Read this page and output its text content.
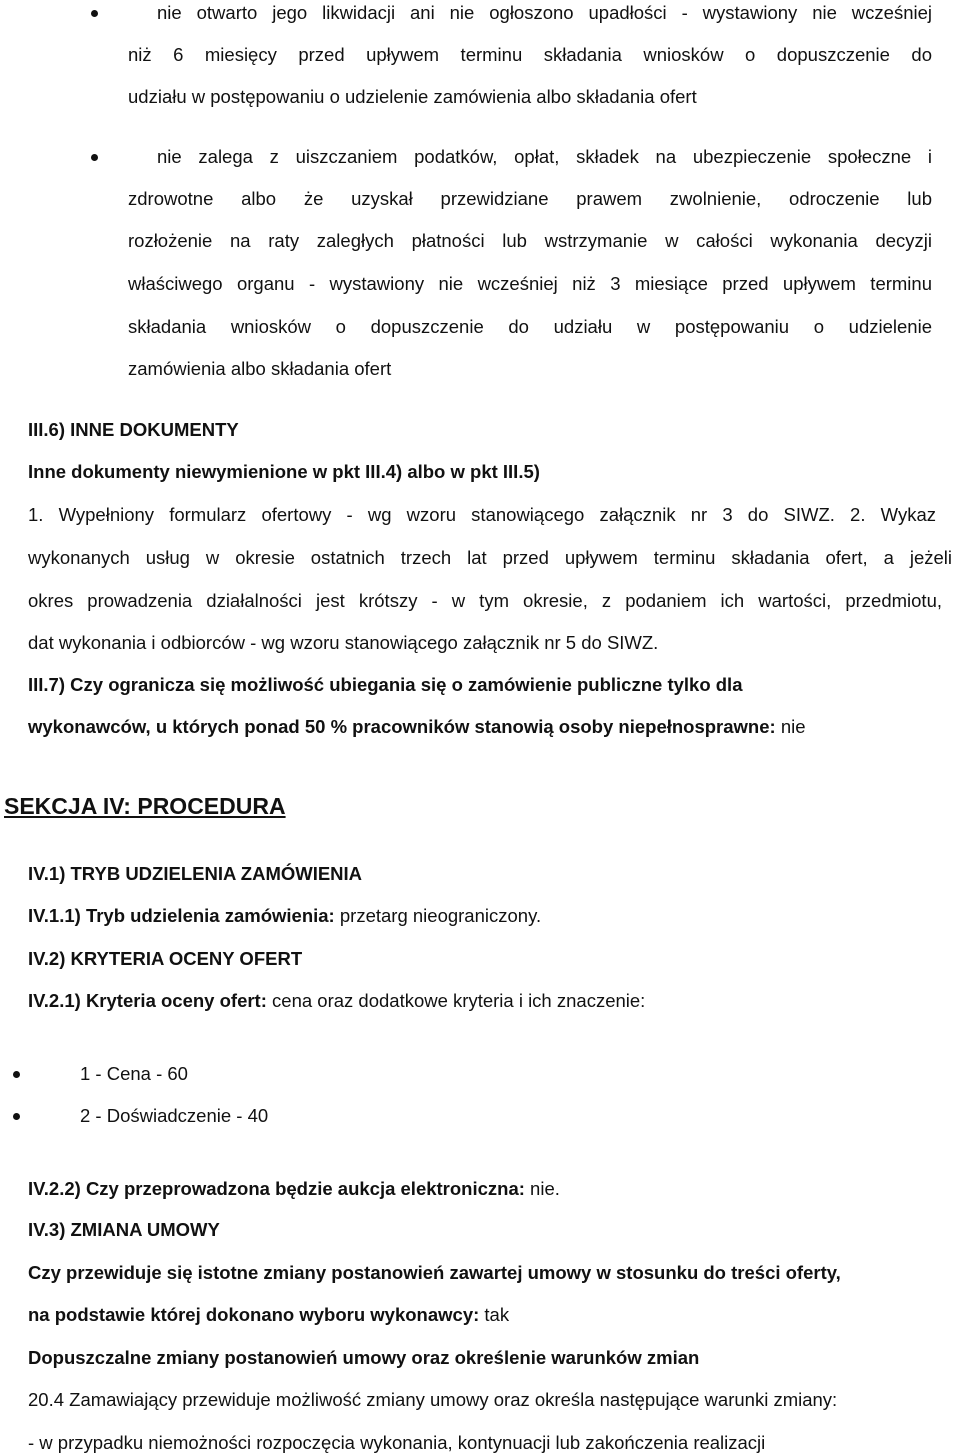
nie otwarto jego likwidacji ani nie ogłoszono upadłości - wystawiony nie wcześniej
niż 6 miesięcy przed upływem terminu składania wniosków o dopuszczenie do
udziału w postępowaniu o udzielenie zamówienia albo składania ofert
nie zalega z uiszczaniem podatków, opłat, składek na ubezpieczenie społeczne i
zdrowotne albo że uzyskał przewidziane prawem zwolnienie, odroczenie lub
rozłożenie na raty zaległych płatności lub wstrzymanie w całości wykonania decyzji
właściwego organu - wystawiony nie wcześniej niż 3 miesiące przed upływem terminu
składania wniosków o dopuszczenie do udziału w postępowaniu o udzielenie
zamówienia albo składania ofert
III.6) INNE DOKUMENTY
Inne dokumenty niewymienione w pkt III.4) albo w pkt III.5)
1. Wypełniony formularz ofertowy - wg wzoru stanowiącego załącznik nr 3 do SIWZ. 2. Wykaz
wykonanych usług w okresie ostatnich trzech lat przed upływem terminu składania ofert, a jeżeli
okres prowadzenia działalności jest krótszy - w tym okresie, z podaniem ich wartości, przedmiotu,
dat wykonania i odbiorców - wg wzoru stanowiącego załącznik nr 5 do SIWZ.
III.7) Czy ogranicza się możliwość ubiegania się o zamówienie publiczne tylko dla
wykonawców, u których ponad 50 % pracowników stanowią osoby niepełnosprawne: nie
SEKCJA IV: PROCEDURA
IV.1) TRYB UDZIELENIA ZAMÓWIENIA
IV.1.1) Tryb udzielenia zamówienia: przetarg nieograniczony.
IV.2) KRYTERIA OCENY OFERT
IV.2.1) Kryteria oceny ofert: cena oraz dodatkowe kryteria i ich znaczenie:
1 - Cena - 60
2 - Doświadczenie - 40
IV.2.2) Czy przeprowadzona będzie aukcja elektroniczna: nie.
IV.3) ZMIANA UMOWY
Czy przewiduje się istotne zmiany postanowień zawartej umowy w stosunku do treści oferty,
na podstawie której dokonano wyboru wykonawcy: tak
Dopuszczalne zmiany postanowień umowy oraz określenie warunków zmian
20.4 Zamawiający przewiduje możliwość zmiany umowy oraz określa następujące warunki zmiany:
- w przypadku niemożności rozpoczęcia wykonania, kontynuacji lub zakończenia realizacji
